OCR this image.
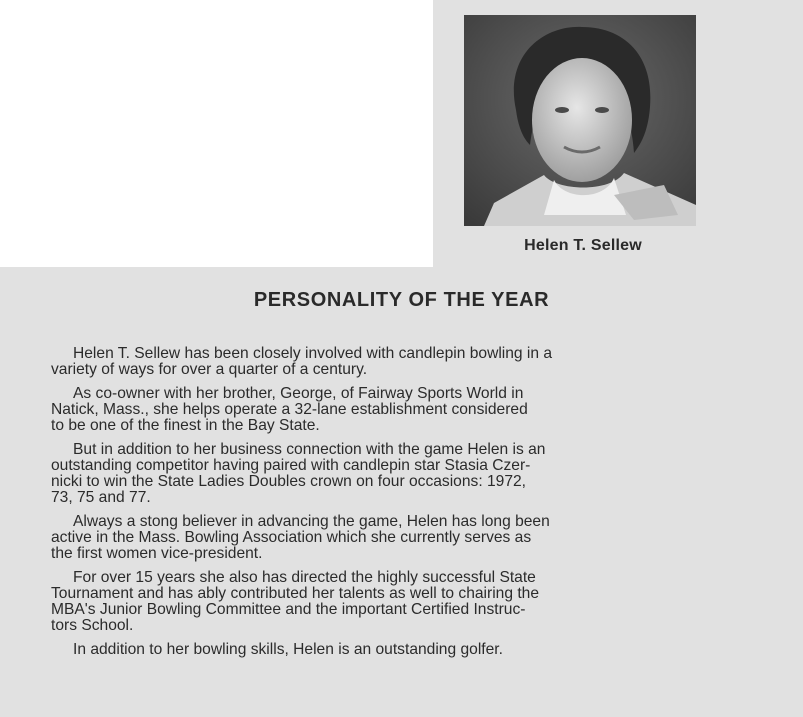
Helen T. Sellew
PERSONALITY OF THE YEAR

Helen T. Sellew has been closely involved with candlepin bowling in a
variety of ways for over a quarter of a century.

As co-owner with her brother, George, of Fairway Sports World in
Natick, Mass., she helps operate a 32-lane establishment considered
to be one of the finest in the Bay State.

But in addition to her business connection with the game Helen is an
outstanding competitor having paired with candlepin star Stasia Czer-
nicki to win the State Ladies Doubles crown on four occasions: 1972,
73, 75 and 77.

Always a stong believer in advancing the game, Helen has long been
active in the Mass. Bowling Association which she currently serves as
the first women vice-president.

For over 15 years she also has directed the highly successful State
Tournament and has ably contributed her talents as well to chairing the
MBA's Junior Bowling Committee and the important Certified Instruc-
tors School.

In addition to her bowling skills, Helen is an outstanding golfer.
